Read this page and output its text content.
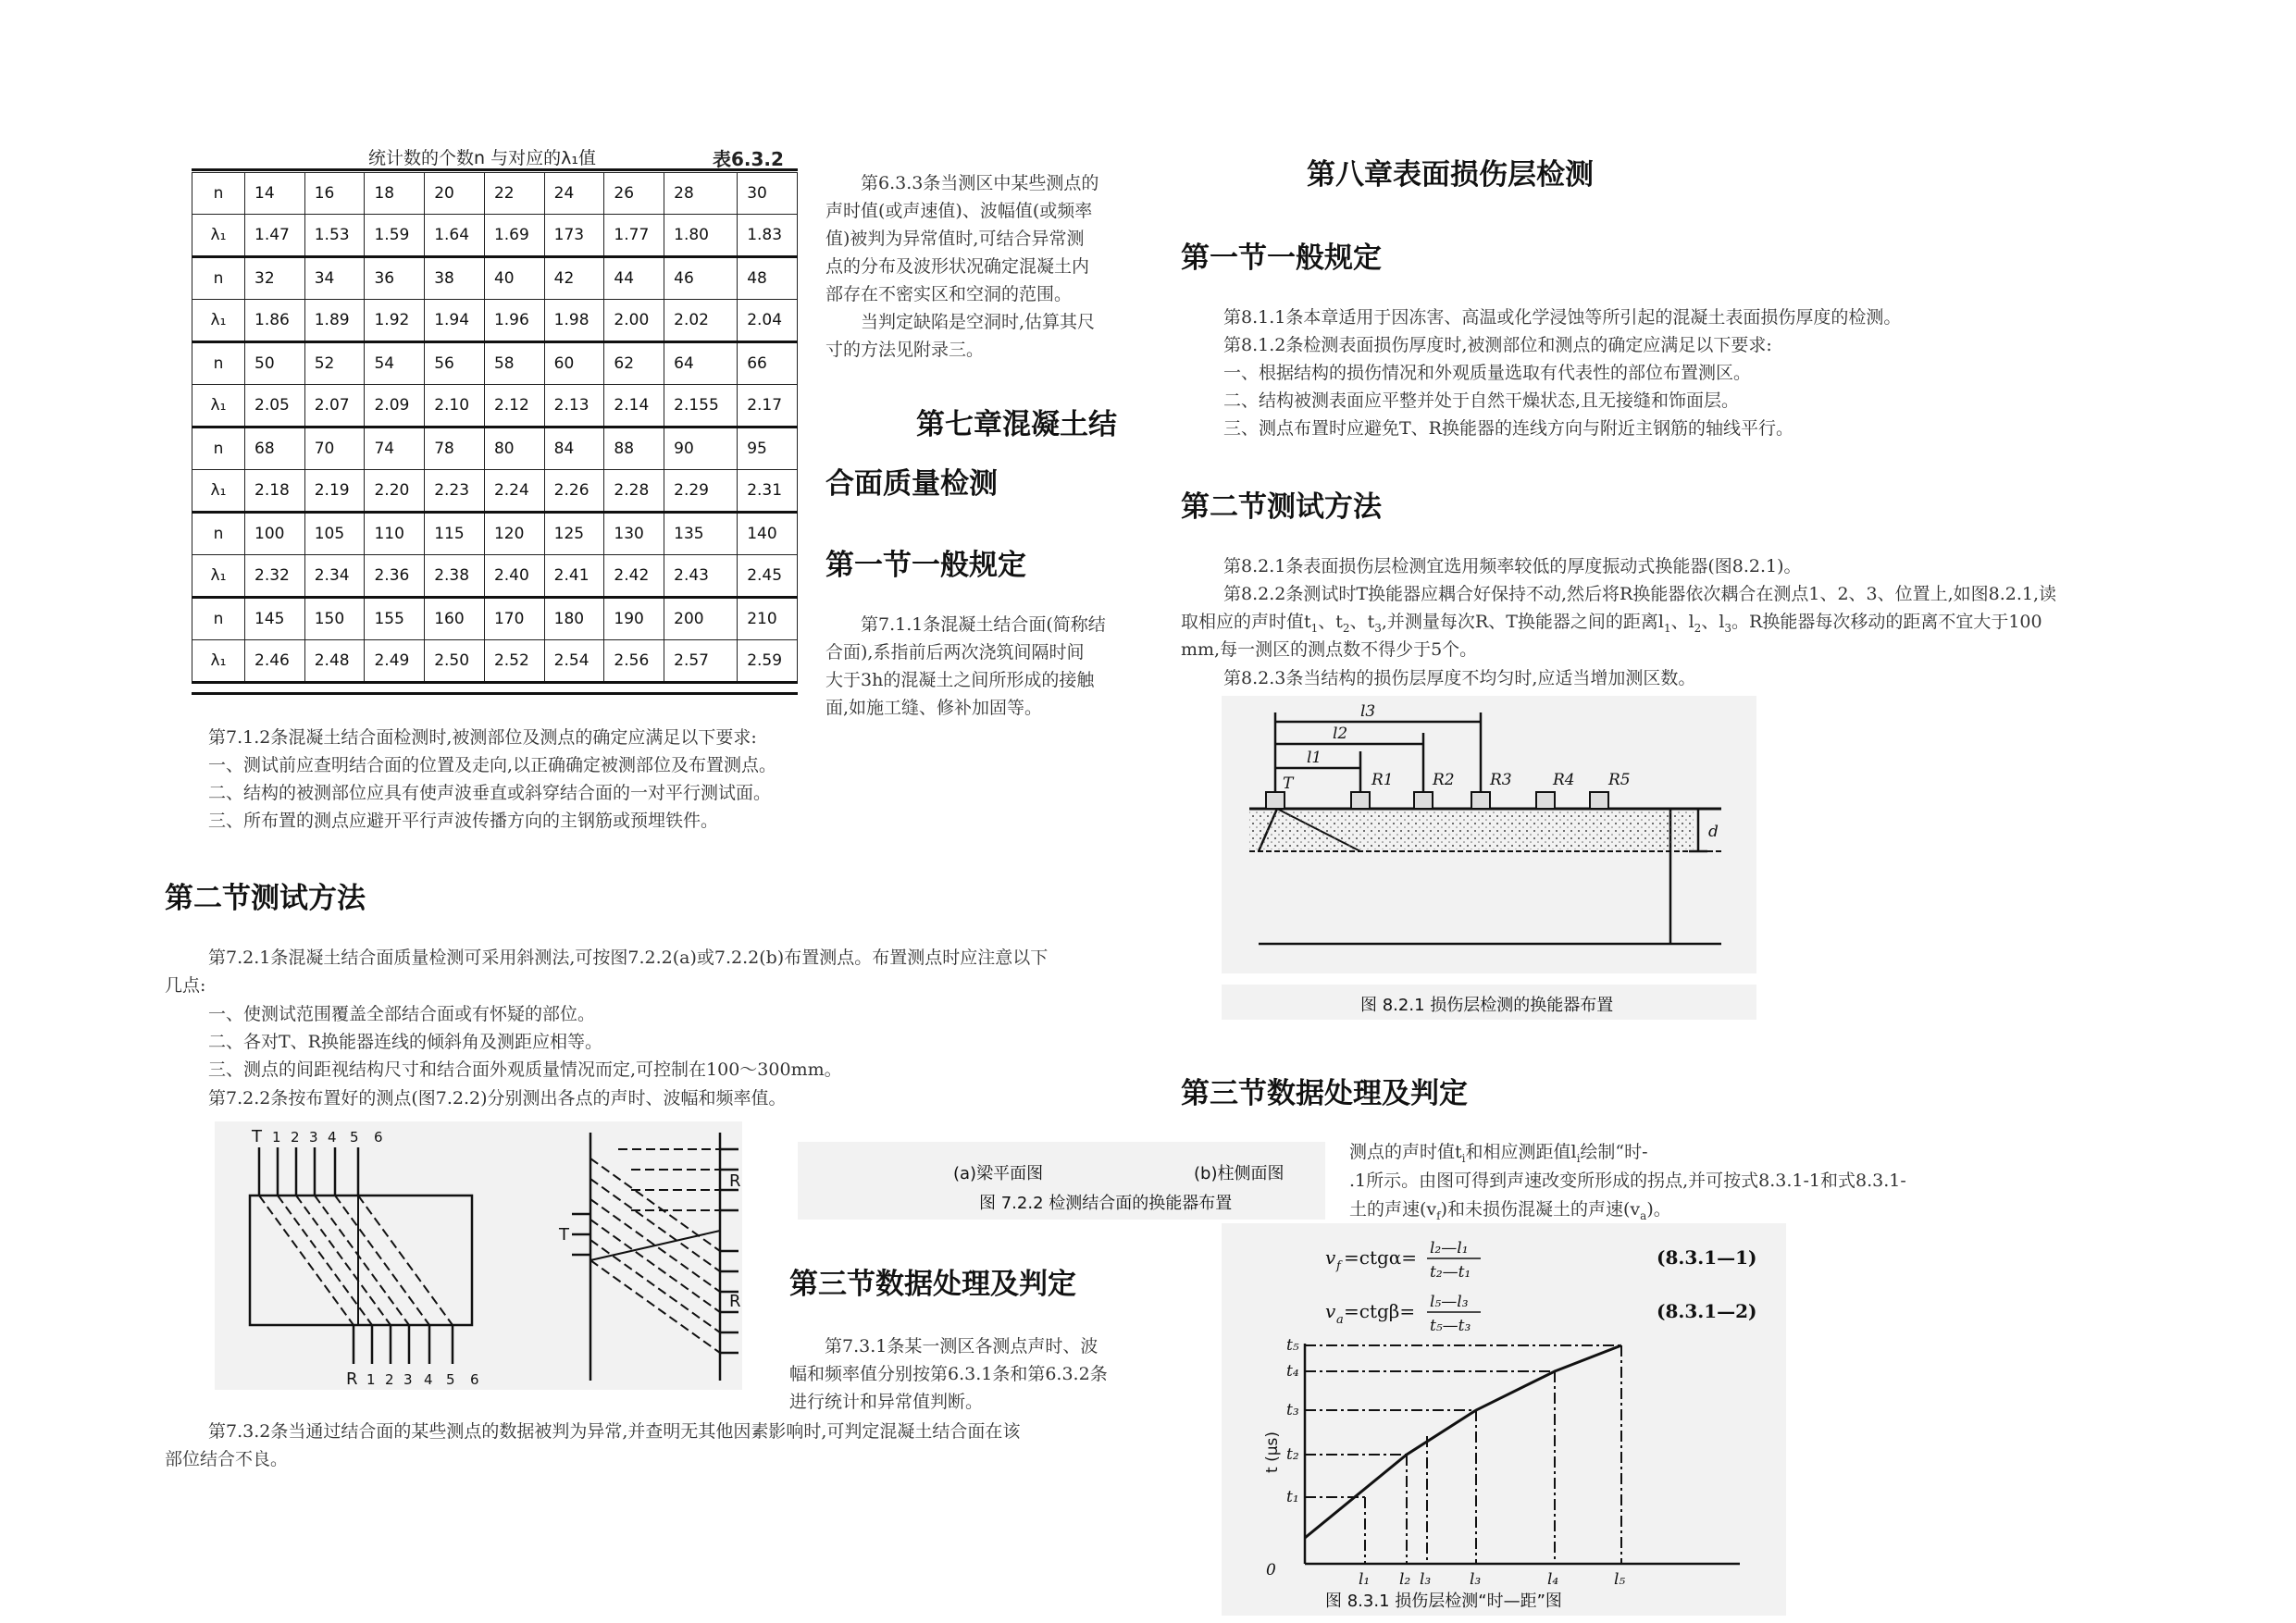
统计数的个数n 与对应的λ₁值	表6.3.2
n	14	16	18	20	22	24	26	28	30
λ₁	1.47	1.53	1.59	1.64	1.69	173	1.77	1.80	1.83
n	32	34	36	38	40	42	44	46	48
λ₁	1.86	1.89	1.92	1.94	1.96	1.98	2.00	2.02	2.04
n	50	52	54	56	58	60	62	64	66
λ₁	2.05	2.07	2.09	2.10	2.12	2.13	2.14	2.155	2.17
n	68	70	74	78	80	84	88	90	95
λ₁	2.18	2.19	2.20	2.23	2.24	2.26	2.28	2.29	2.31
n	100	105	110	115	120	125	130	135	140
λ₁	2.32	2.34	2.36	2.38	2.40	2.41	2.42	2.43	2.45
n	145	150	155	160	170	180	190	200	210
λ₁	2.46	2.48	2.49	2.50	2.52	2.54	2.56	2.57	2.59
第6.3.3条当测区中某些测点的
声时值(或声速值)、波幅值(或频率
值)被判为异常值时,可结合异常测
点的分布及波形状况确定混凝土内
部存在不密实区和空洞的范围。
当判定缺陷是空洞时,估算其尺
寸的方法见附录三。
第七章混凝土结
合面质量检测
第一节一般规定
第7.1.1条混凝土结合面(简称结
合面),系指前后两次浇筑间隔时间
大于3h的混凝土之间所形成的接触
面,如施工缝、修补加固等。
第7.1.2条混凝土结合面检测时,被测部位及测点的确定应满足以下要求:
一、测试前应查明结合面的位置及走向,以正确确定被测部位及布置测点。
二、结构的被测部位应具有使声波垂直或斜穿结合面的一对平行测试面。
三、所布置的测点应避开平行声波传播方向的主钢筋或预埋铁件。
第二节测试方法
第7.2.1条混凝土结合面质量检测可采用斜测法,可按图7.2.2(a)或7.2.2(b)布置测点。布置测点时应注意以下
几点:
一、使测试范围覆盖全部结合面或有怀疑的部位。
二、各对T、R换能器连线的倾斜角及测距应相等。
三、测点的间距视结构尺寸和结合面外观质量情况而定,可控制在100～300mm。
第7.2.2条按布置好的测点(图7.2.2)分别测出各点的声时、波幅和频率值。
T
R
T
R
R
1 2 3 4 5 6
1 2 3 4 5 6
(a)梁平面图	(b)柱侧面图
图 7.2.2 检测结合面的换能器布置
第三节数据处理及判定
第7.3.1条某一测区各测点声时、波
幅和频率值分别按第6.3.1条和第6.3.2条
进行统计和异常值判断。
第7.3.2条当通过结合面的某些测点的数据被判为异常,并查明无其他因素影响时,可判定混凝土结合面在该
部位结合不良。
第八章表面损伤层检测
第一节一般规定
第8.1.1条本章适用于因冻害、高温或化学浸蚀等所引起的混凝土表面损伤厚度的检测。
第8.1.2条检测表面损伤厚度时,被测部位和测点的确定应满足以下要求:
一、根据结构的损伤情况和外观质量选取有代表性的部位布置测区。
二、结构被测表面应平整并处于自然干燥状态,且无接缝和饰面层。
三、测点布置时应避免T、R换能器的连线方向与附近主钢筋的轴线平行。
第二节测试方法
第8.2.1条表面损伤层检测宜选用频率较低的厚度振动式换能器(图8.2.1)。
第8.2.2条测试时T换能器应耦合好保持不动,然后将R换能器依次耦合在测点1、2、3、位置上,如图8.2.1,读
取相应的声时值$t_1$、$t_2$、$t_3$,并测量每次R、T换能器之间的距离$l_1$、$l_2$、$l_3$。R换能器每次移动的距离不宜大于100
mm,每一测区的测点数不得少于5个。
第8.2.3条当结构的损伤层厚度不均匀时,应适当增加测区数。
T	R1 R2 R3	R4 R5
l1
l2
l3
d
图 8.2.1 损伤层检测的换能器布置
第三节数据处理及判定
测点的声时值$t_i$和相应测距值$l_i$绘制“时-
.1所示。由图可得到声速改变所形成的拐点,并可按式8.3.1-1和式8.3.1-
土的声速$(v_f)$和未损伤混凝土的声速$(v_a)$。
v f =ctgα= l₂—l₁
t₂—t₁
(8.3.1—1)
v a =ctgβ= l₅—l₃
t₅—t₃
(8.3.1—2)
t₅
t₄
t₃
t₂
t₁
0	l₁ l₂ l₃ l₃	l₄	l₅
t (μs)
图 8.3.1 损伤层检测“时—距”图
